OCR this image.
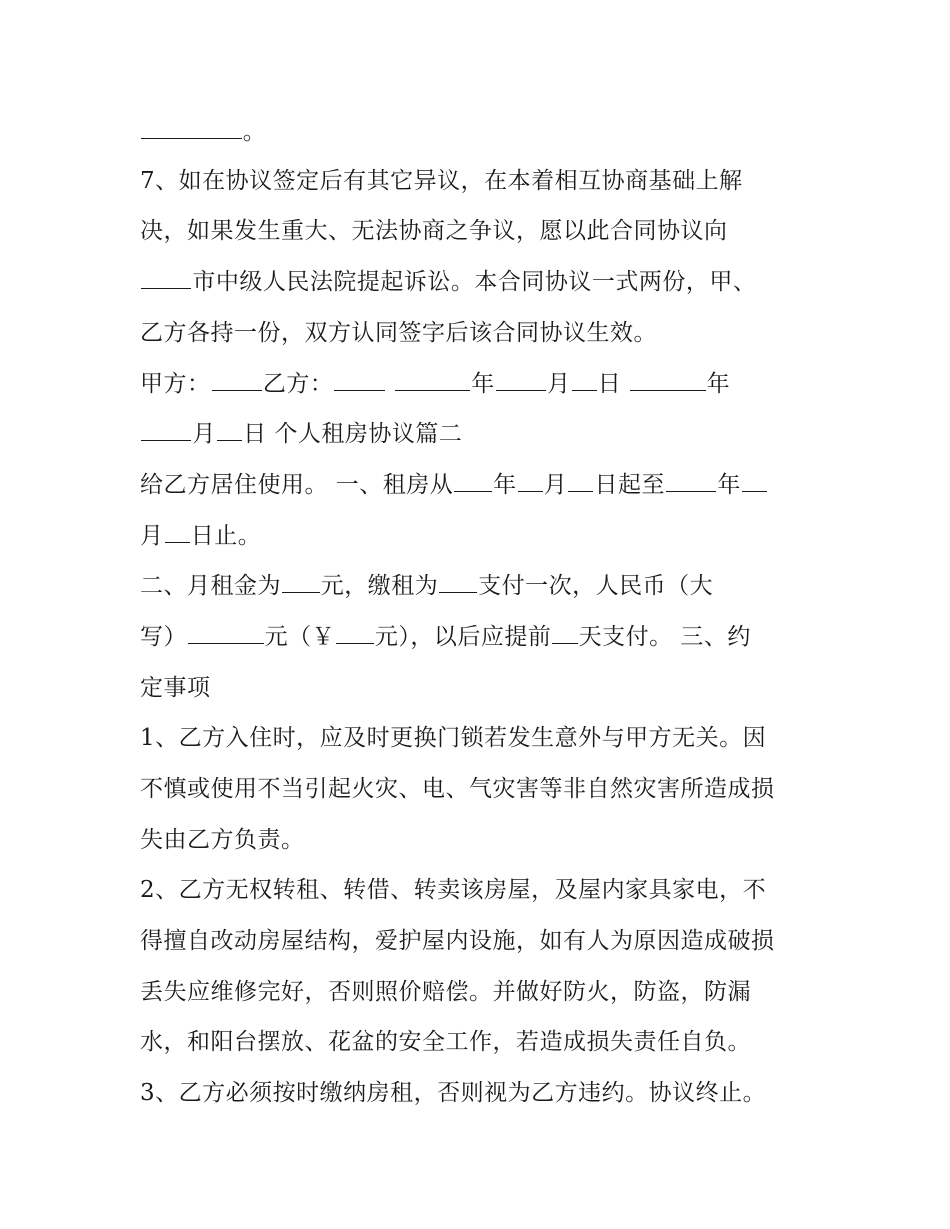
。
7、如在协议签定后有其它异议，在本着相互协商基础上解
决，如果发生重大、无法协商之争议，愿以此合同协议向
市中级人民法院提起诉讼。本合同协议一式两份，甲、
乙方各持一份，双方认同签字后该合同协议生效。
甲方： 乙方：	年 月 日	年
月 日 个人租房协议篇二
给乙方居住使用。 一、租房从 年 月 日起至 年
月 日止。
二、月租金为 元，缴租为 支付一次，人民币（大
写）	元（￥ 元），以后应提前 天支付。 三、约
定事项
1、乙方入住时，应及时更换门锁若发生意外与甲方无关。因
不慎或使用不当引起火灾、电、气灾害等非自然灾害所造成损
失由乙方负责。
2、乙方无权转租、转借、转卖该房屋，及屋内家具家电，不
得擅自改动房屋结构，爱护屋内设施，如有人为原因造成破损
丢失应维修完好，否则照价赔偿。并做好防火，防盗，防漏
水，和阳台摆放、花盆的安全工作，若造成损失责任自负。
3、乙方必须按时缴纳房租，否则视为乙方违约。协议终止。
